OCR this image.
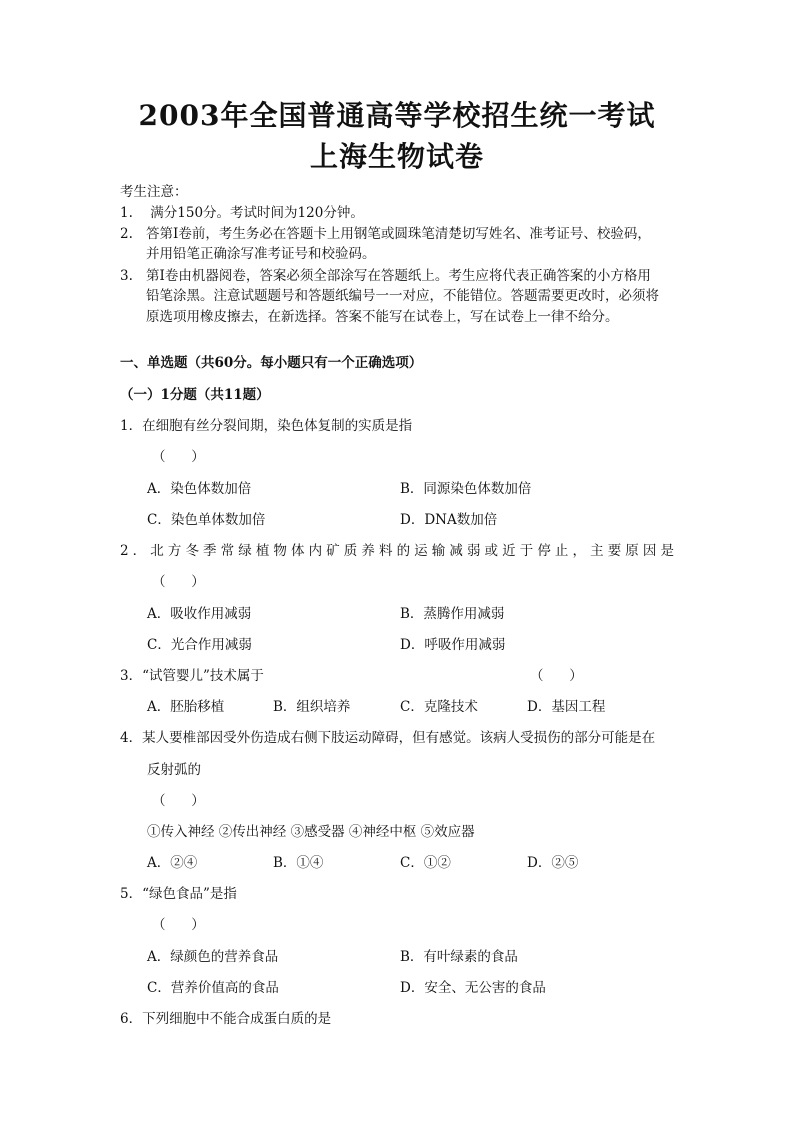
2003年全国普通高等学校招生统一考试
上海生物试卷
考生注意：
1. 满分150分。考试时间为120分钟。
2. 答第Ⅰ卷前，考生务必在答题卡上用钢笔或圆珠笔清楚切写姓名、准考证号、校验码，
并用铅笔正确涂写准考证号和校验码。
3. 第Ⅰ卷由机器阅卷，答案必须全部涂写在答题纸上。考生应将代表正确答案的小方格用
铅笔涂黑。注意试题题号和答题纸编号一一对应，不能错位。答题需要更改时，必须将
原选项用橡皮擦去，在新选择。答案不能写在试卷上，写在试卷上一律不给分。
一、单选题（共60分。每小题只有一个正确选项）
（一）1分题（共11题）
1．在细胞有丝分裂间期，染色体复制的实质是指
（      ）
A．染色体数加倍	B．同源染色体数加倍
C．染色单体数加倍	D．DNA数加倍
2．北方冬季常绿植物体内矿质养料的运输减弱或近于停止，主要原因是
（      ）
A．吸收作用减弱	B．蒸腾作用减弱
C．光合作用减弱	D．呼吸作用减弱
3．“试管婴儿”技术属于	（      ）
A．胚胎移植	B．组织培养	C．克隆技术	D．基因工程
4．某人要椎部因受外伤造成右侧下肢运动障碍，但有感觉。该病人受损伤的部分可能是在
反射弧的
（      ）
①传入神经 ②传出神经 ③感受器 ④神经中枢 ⑤效应器
A．②④	B．①④	C．①②	D．②⑤
5．“绿色食品”是指
（      ）
A．绿颜色的营养食品	B．有叶绿素的食品
C．营养价值高的食品	D．安全、无公害的食品
6．下列细胞中不能合成蛋白质的是
